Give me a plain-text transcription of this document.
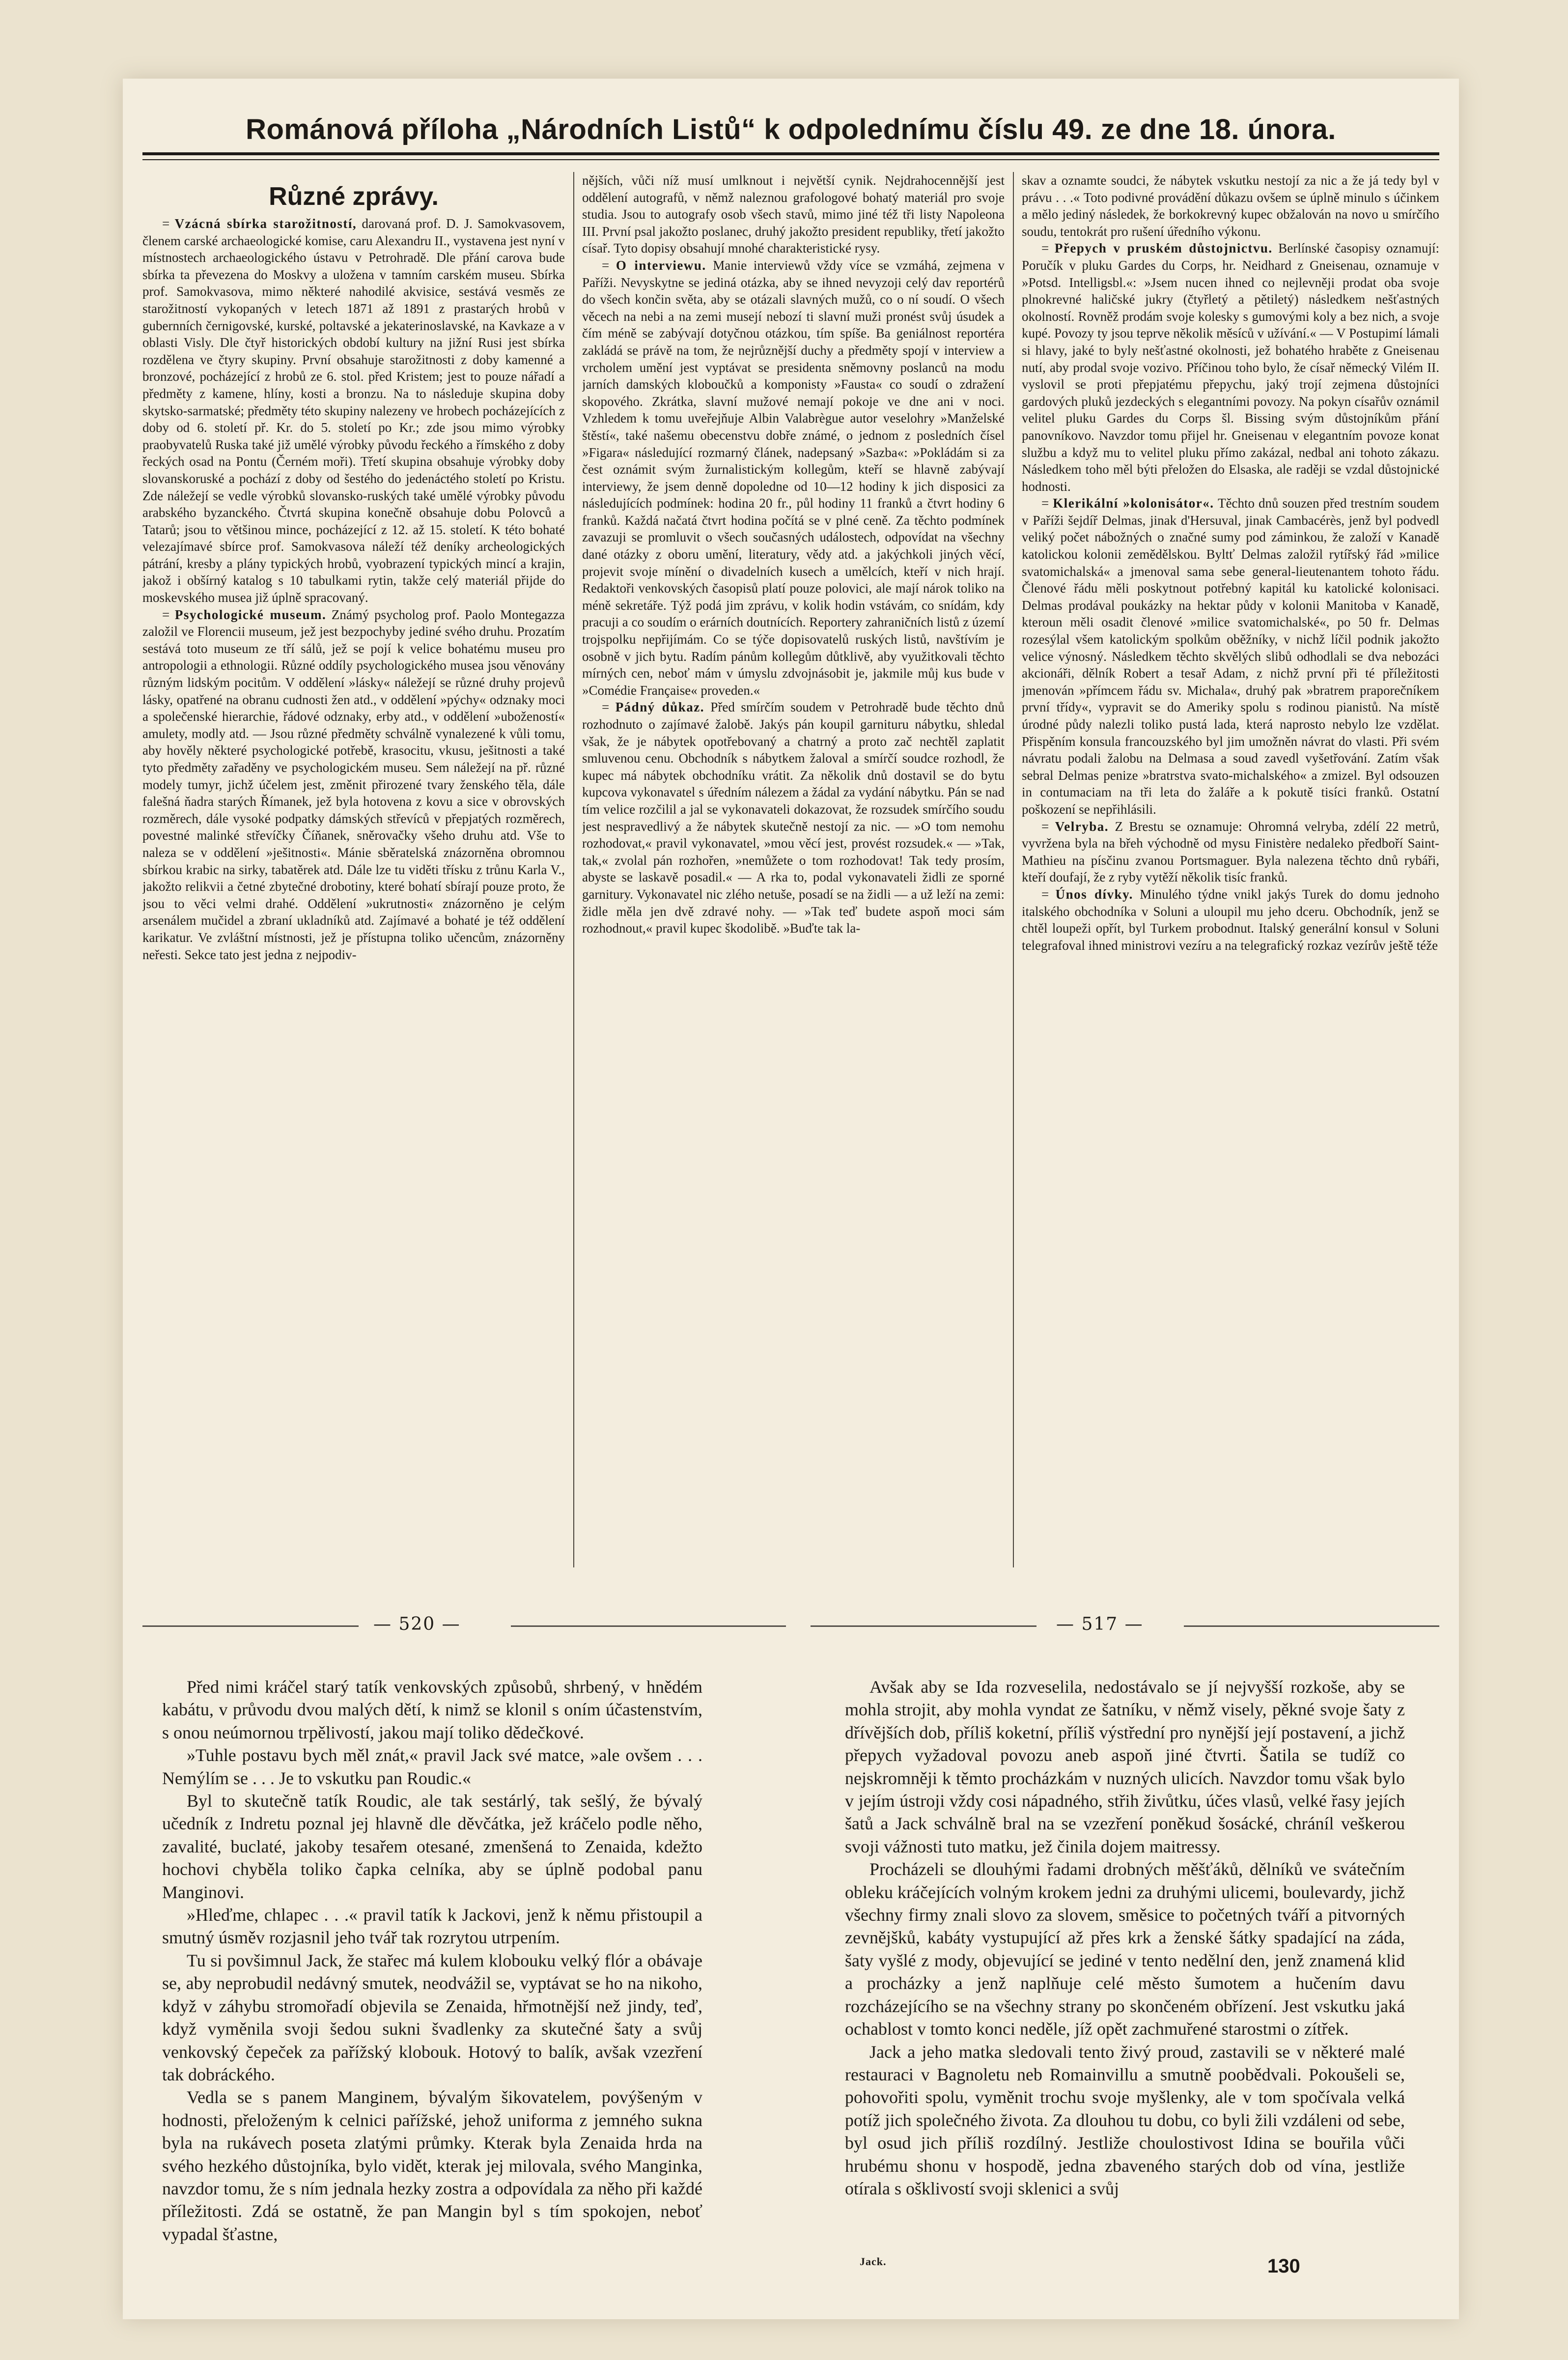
Románová příloha „Národních Listů“ k odpolednímu číslu 49. ze dne 18. února.
Různé zprávy.

= Vzácná sbírka starožitností, darovaná prof. D. J. Samokvasovem, členem carské archaeologické komise, caru Alexandru II., vystavena jest nyní v místnostech archaeologického ústavu v Petrohradě. Dle přání carova bude sbírka ta převezena do Moskvy a uložena v tamním carském museu. Sbírka prof. Samokvasova, mimo některé nahodilé akvisice, sestává vesměs ze starožitností vykopaných v letech 1871 až 1891 z prastarých hrobů v gubernních černigovské, kurské, poltavské a jekaterinoslavské, na Kavkaze a v oblasti Visly. Dle čtyř historických období kultury na jižní Rusi jest sbírka rozdělena ve čtyry skupiny. První obsahuje starožitnosti z doby kamenné a bronzové, pocházející z hrobů ze 6. stol. před Kristem; jest to pouze nářadí a předměty z kamene, hlíny, kosti a bronzu. Na to následuje skupina doby skytsko-sarmatské; předměty této skupiny nalezeny ve hrobech pocházejících z doby od 6. století př. Kr. do 5. století po Kr.; zde jsou mimo výrobky praobyvatelů Ruska také již umělé výrobky původu řeckého a římského z doby řeckých osad na Pontu (Černém moři). Třetí skupina obsahuje výrobky doby slovanskoruské a pochází z doby od šestého do jedenáctého století po Kristu. Zde náležejí se vedle výrobků slovansko-ruských také umělé výrobky původu arabského byzanckého. Čtvrtá skupina konečně obsahuje dobu Polovců a Tatarů; jsou to většinou mince, pocházející z 12. až 15. století. K této bohaté velezajímavé sbírce prof. Samokvasova náleží též deníky archeologických pátrání, kresby a plány typických hrobů, vyobrazení typických mincí a krajin, jakož i obšírný katalog s 10 tabulkami rytin, takže celý materiál přijde do moskevského musea již úplně spracovaný.

= Psychologické museum. Známý psycholog prof. Paolo Montegazza založil ve Florencii museum, jež jest bezpochyby jediné svého druhu. Prozatím sestává toto museum ze tří sálů, jež se pojí k velice bohatému museu pro antropologii a ethnologii. Různé oddíly psychologického musea jsou věnovány různým lidským pocitům. V oddělení »lásky« náležejí se různé druhy projevů lásky, opatřené na obranu cudnosti žen atd., v oddělení »pýchy« odznaky moci a společenské hierarchie, řádové odznaky, erby atd., v oddělení »ubožeností« amulety, modly atd. — Jsou různé předměty schválně vynalezené k vůli tomu, aby hověly některé psychologické potřebě, krasocitu, vkusu, ješitnosti a také tyto předměty zařaděny ve psychologickém museu. Sem náležejí na př. různé modely tumyr, jichž účelem jest, změnit přirozené tvary ženského těla, dále falešná ňadra starých Římanek, jež byla hotovena z kovu a sice v obrovských rozměrech, dále vysoké podpatky dámských střevíců v přepjatých rozměrech, povestné malinké střevíčky Číňanek, sněrovačky všeho druhu atd. Vše to naleza se v oddělení »ješitnosti«. Mánie sběratelská znázorněna obromnou sbírkou krabic na sirky, tabatěrek atd. Dále lze tu viděti třísku z trůnu Karla V., jakožto relikvii a četné zbytečné drobotiny, které bohatí sbírají pouze proto, že jsou to věci velmi drahé. Oddělení »ukrutnosti« znázorněno je celým arsenálem mučidel a zbraní ukladníků atd. Zajímavé a bohaté je též oddělení karikatur. Ve zvláštní místnosti, jež je přístupna toliko učencům, znázorněny neřesti. Sekce tato jest jedna z nejpodiv-

nějších, vůči níž musí umlknout i největší cynik. Nejdrahocennější jest oddělení autografů, v němž naleznou grafologové bohatý materiál pro svoje studia. Jsou to autografy osob všech stavů, mimo jiné též tři listy Napoleona III. První psal jakožto poslanec, druhý jakožto president republiky, třetí jakožto císař. Tyto dopisy obsahují mnohé charakteristické rysy.

= O interviewu. Manie interviewů vždy více se vzmáhá, zejmena v Paříži. Nevyskytne se jediná otázka, aby se ihned nevyzoji celý dav reportérů do všech končin světa, aby se otázali slavných mužů, co o ní soudí. O všech věcech na nebi a na zemi musejí nebozí ti slavní muži pronést svůj úsudek a čím méně se zabývají dotyčnou otázkou, tím spíše. Ba geniálnost reportéra zakládá se právě na tom, že nejrůznější duchy a předměty spojí v interview a vrcholem umění jest vyptávat se presidenta sněmovny poslanců na modu jarních damských kloboučků a komponisty »Fausta« co soudí o zdražení skopového. Zkrátka, slavní mužové nemají pokoje ve dne ani v noci. Vzhledem k tomu uveřejňuje Albin Valabrègue autor veselohry »Manželské štěstí«, také našemu obecenstvu dobře známé, o jednom z posledních čísel »Figara« následující rozmarný článek, nadepsaný »Sazba«: »Pokládám si za čest oznámit svým žurnalistickým kollegům, kteří se hlavně zabývají interviewy, že jsem denně dopoledne od 10—12 hodiny k jich disposici za následujících podmínek: hodina 20 fr., půl hodiny 11 franků a čtvrt hodiny 6 franků. Každá načatá čtvrt hodina počítá se v plné ceně. Za těchto podmínek zavazuji se promluvit o všech současných událostech, odpovídat na všechny dané otázky z oboru umění, literatury, vědy atd. a jakýchkoli jiných věcí, projevit svoje mínění o divadelních kusech a umělcích, kteří v nich hrají. Redaktoři venkovských časopisů platí pouze polovici, ale mají nárok toliko na méně sekretáře. Týž podá jim zprávu, v kolik hodin vstávám, co snídám, kdy pracuji a co soudím o erárních doutnících. Reportery zahraničních listů z území trojspolku nepřijímám. Co se týče dopisovatelů ruských listů, navštívím je osobně v jich bytu. Radím pánům kollegům důtklivě, aby využitkovali těchto mírných cen, neboť mám v úmyslu zdvojnásobit je, jakmile můj kus bude v »Comédie Française« proveden.«

= Pádný důkaz. Před smírčím soudem v Petrohradě bude těchto dnů rozhodnuto o zajímavé žalobě. Jakýs pán koupil garnituru nábytku, shledal však, že je nábytek opotřebovaný a chatrný a proto zač nechtěl zaplatit smluvenou cenu. Obchodník s nábytkem žaloval a smírčí soudce rozhodl, že kupec má nábytek obchodníku vrátit. Za několik dnů dostavil se do bytu kupcova vykonavatel s úředním nálezem a žádal za vydání nábytku. Pán se nad tím velice rozčilil a jal se vykonavateli dokazovat, že rozsudek smírčího soudu jest nespravedlivý a že nábytek skutečně nestojí za nic. — »O tom nemohu rozhodovat,« pravil vykonavatel, »mou věcí jest, provést rozsudek.« — »Tak, tak,« zvolal pán rozhořen, »nemůžete o tom rozhodovat! Tak tedy prosím, abyste se laskavě posadil.« — A rka to, podal vykonavateli židli ze sporné garnitury. Vykonavatel nic zlého netuše, posadí se na židli — a už leží na zemi: židle měla jen dvě zdravé nohy. — »Tak teď budete aspoň moci sám rozhodnout,« pravil kupec škodolibě. »Buďte tak la-

skav a oznamte soudci, že nábytek vskutku nestojí za nic a že já tedy byl v právu . . .« Toto podivné provádění důkazu ovšem se úplně minulo s účinkem a mělo jediný následek, že borkokrevný kupec obžalován na novo u smírčího soudu, tentokrát pro rušení úředního výkonu.

= Přepych v pruském důstojnictvu. Berlínské časopisy oznamují: Poručík v pluku Gardes du Corps, hr. Neidhard z Gneisenau, oznamuje v »Potsd. Intelligsbl.«: »Jsem nucen ihned co nejlevněji prodat oba svoje plnokrevné haličské jukry (čtyřletý a pětiletý) následkem nešťastných okolností. Rovněž prodám svoje kolesky s gumovými koly a bez nich, a svoje kupé. Povozy ty jsou teprve několik měsíců v užívání.« — V Postupimí lámali si hlavy, jaké to byly nešťastné okolnosti, jež bohatého hraběte z Gneisenau nutí, aby prodal svoje vozivo. Příčinou toho bylo, že císař německý Vilém II. vyslovil se proti přepjatému přepychu, jaký trojí zejmena důstojníci gardových pluků jezdeckých s elegantními povozy. Na pokyn císařův oznámil velitel pluku Gardes du Corps šl. Bissing svým důstojníkům přání panovníkovo. Navzdor tomu přijel hr. Gneisenau v elegantním povoze konat službu a když mu to velitel pluku přímo zakázal, nedbal ani tohoto zákazu. Následkem toho měl býti přeložen do Elsaska, ale raději se vzdal důstojnické hodnosti.

= Klerikální »kolonisátor«. Těchto dnů souzen před trestním soudem v Paříži šejdíř Delmas, jinak d'Hersuval, jinak Cambacérès, jenž byl podvedl veliký počet nábožných o značné sumy pod záminkou, že založí v Kanadě katolickou kolonii zemědělskou. Byltť Delmas založil rytířský řád »milice svatomichalská« a jmenoval sama sebe general-lieutenantem tohoto řádu. Členové řádu měli poskytnout potřebný kapitál ku katolické kolonisaci. Delmas prodával poukázky na hektar půdy v kolonii Manitoba v Kanadě, kteroun měli osadit členové »milice svatomichalské«, po 50 fr. Delmas rozesýlal všem katolickým spolkům oběžníky, v nichž líčil podnik jakožto velice výnosný. Následkem těchto skvělých slibů odhodlali se dva nebozáci akcionáři, dělník Robert a tesař Adam, z nichž první při té příležitosti jmenován »přímcem řádu sv. Michala«, druhý pak »bratrem praporečníkem první třídy«, vypravit se do Ameriky spolu s rodinou pianistů. Na místě úrodné půdy nalezli toliko pustá lada, která naprosto nebylo lze vzdělat. Přispěním konsula francouzského byl jim umožněn návrat do vlasti. Při svém návratu podali žalobu na Delmasa a soud zavedl vyšetřování. Zatím však sebral Delmas penize »bratrstva svato-michalského« a zmizel. Byl odsouzen in contumaciam na tři leta do žaláře a k pokutě tisíci franků. Ostatní poškození se nepřihlásili.

= Velryba. Z Brestu se oznamuje: Ohromná velryba, zdélí 22 metrů, vyvržena byla na břeh východně od mysu Finistère nedaleko předboří Saint-Mathieu na písčinu zvanou Portsmaguer. Byla nalezena těchto dnů rybáři, kteří doufají, že z ryby vytěží několik tisíc franků.

= Únos dívky. Minulého týdne vnikl jakýs Turek do domu jednoho italského obchodníka v Soluni a uloupil mu jeho dceru. Obchodník, jenž se chtěl loupeži opřít, byl Turkem probodnut. Italský generální konsul v Soluni telegrafoval ihned ministrovi vezíru a na telegrafický rozkaz vezírův ještě téže

— 520 —	— 517 —

Před nimi kráčel starý tatík venkovských způsobů, shrbený, v hnědém kabátu, v průvodu dvou malých dětí, k nimž se klonil s oním účastenstvím, s onou neúmornou trpělivostí, jakou mají toliko dědečkové.

»Tuhle postavu bych měl znát,« pravil Jack své matce, »ale ovšem . . . Nemýlím se . . . Je to vskutku pan Roudic.«

Byl to skutečně tatík Roudic, ale tak sestárlý, tak sešlý, že bývalý učedník z Indretu poznal jej hlavně dle děvčátka, jež kráčelo podle něho, zavalité, buclaté, jakoby tesařem otesané, zmenšená to Zenaida, kdežto hochovi chyběla toliko čapka celníka, aby se úplně podobal panu Manginovi.

»Hleďme, chlapec . . .« pravil tatík k Jackovi, jenž k němu přistoupil a smutný úsměv rozjasnil jeho tvář tak rozrytou utrpením.

Tu si povšimnul Jack, že stařec má kulem klobouku velký flór a obávaje se, aby neprobudil nedávný smutek, neodvážil se, vyptávat se ho na nikoho, když v záhybu stromořadí objevila se Zenaida, hřmotnější než jindy, teď, když vyměnila svoji šedou sukni švadlenky za skutečné šaty a svůj venkovský čepeček za pařížský klobouk. Hotový to balík, avšak vzezření tak dobráckého.

Vedla se s panem Manginem, bývalým šikovatelem, povýšeným v hodnosti, přeloženým k celnici pařížské, jehož uniforma z jemného sukna byla na rukávech poseta zlatými průmky. Kterak byla Zenaida hrda na svého hezkého důstojníka, bylo vidět, kterak jej milovala, svého Manginka, navzdor tomu, že s ním jednala hezky zostra a odpovídala za něho při každé příležitosti. Zdá se ostatně, že pan Mangin byl s tím spokojen, neboť vypadal šťastne,

Avšak aby se Ida rozveselila, nedostávalo se jí nejvyšší rozkoše, aby se mohla strojit, aby mohla vyndat ze šatníku, v němž visely, pěkné svoje šaty z dřívějších dob, příliš koketní, příliš výstřední pro nynější její postavení, a jichž přepych vyžadoval povozu aneb aspoň jiné čtvrti. Šatila se tudíž co nejskromněji k těmto procházkám v nuzných ulicích. Navzdor tomu však bylo v jejím ústroji vždy cosi nápadného, střih živůtku, účes vlasů, velké řasy jejích šatů a Jack schválně bral na se vzezření poněkud šosácké, chráníl veškerou svoji vážnosti tuto matku, jež činila dojem maitressy.

Procházeli se dlouhými řadami drobných měšťáků, dělníků ve svátečním obleku kráčejících volným krokem jedni za druhými ulicemi, boulevardy, jichž všechny firmy znali slovo za slovem, směsice to početných tváří a pitvorných zevnějšků, kabáty vystupující až přes krk a ženské šátky spadající na záda, šaty vyšlé z mody, objevující se jediné v tento nedělní den, jenž znamená klid a procházky a jenž naplňuje celé město šumotem a hučením davu rozcházejícího se na všechny strany po skončeném obřízení. Jest vskutku jaká ochablost v tomto konci neděle, jíž opět zachmuřené starostmi o zítřek.

Jack a jeho matka sledovali tento živý proud, zastavili se v některé malé restauraci v Bagnoletu neb Romainvillu a smutně poobědvali. Pokoušeli se, pohovořiti spolu, vyměnit trochu svoje myšlenky, ale v tom spočívala velká potíž jich společného života. Za dlouhou tu dobu, co byli žili vzdáleni od sebe, byl osud jich příliš rozdílný. Jestliže choulostivost Idina se bouřila vůči hrubému shonu v hospodě, jedna zbaveného starých dob od vína, jestliže otírala s ošklivostí svoji sklenici a svůj

Jack.	130
